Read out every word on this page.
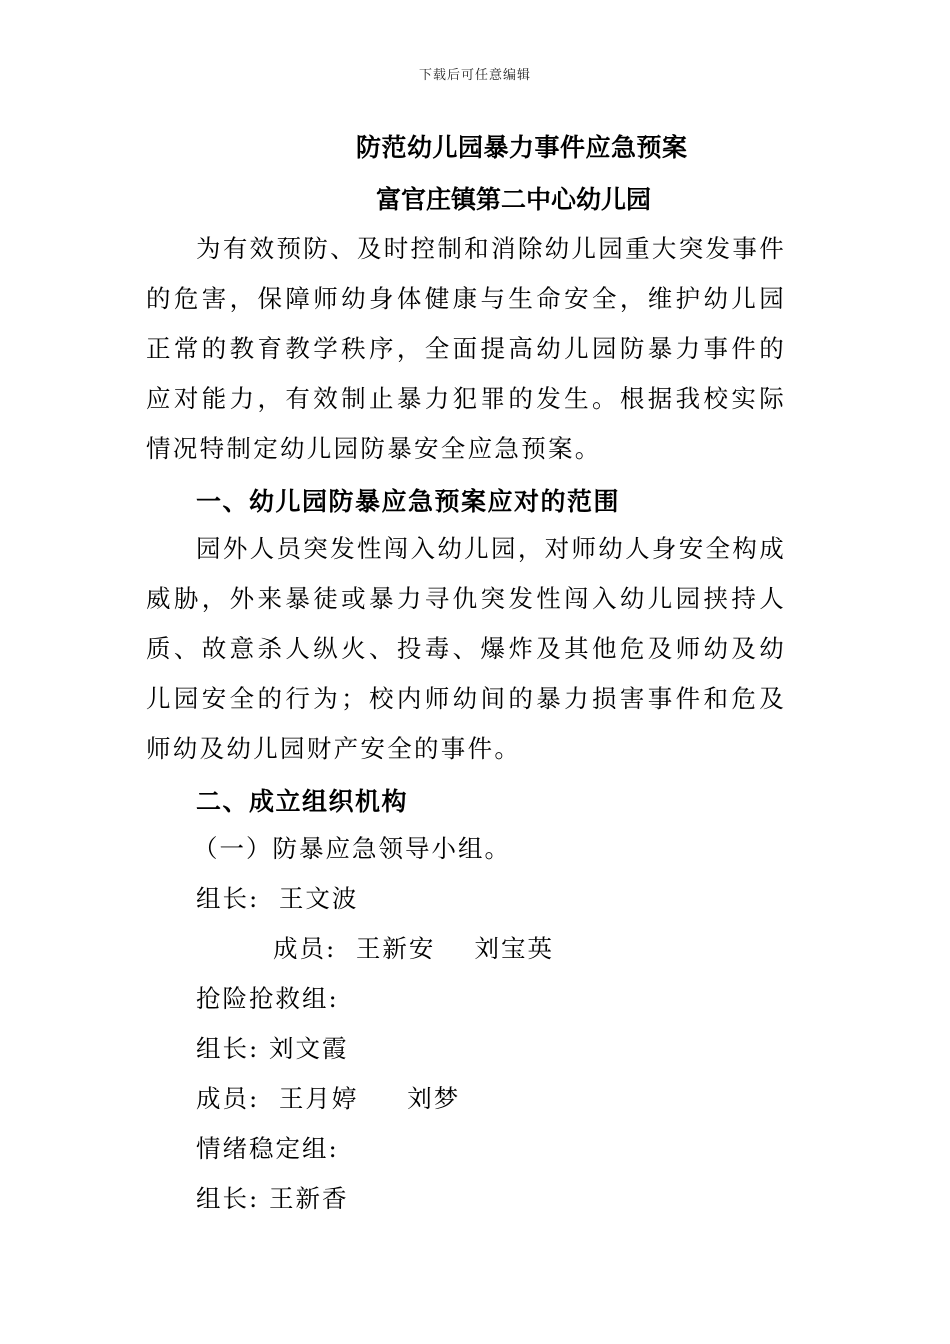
下载后可任意编辑
防范幼儿园暴力事件应急预案
富官庄镇第二中心幼儿园

为有效预防、及时控制和消除幼儿园重大突发事件的危害，保障师幼身体健康与生命安全，维护幼儿园正常的教育教学秩序，全面提高幼儿园防暴力事件的应对能力，有效制止暴力犯罪的发生。根据我校实际情况特制定幼儿园防暴安全应急预案。

一、幼儿园防暴应急预案应对的范围

园外人员突发性闯入幼儿园，对师幼人身安全构成威胁，外来暴徒或暴力寻仇突发性闯入幼儿园挟持人质、故意杀人纵火、投毒、爆炸及其他危及师幼及幼儿园安全的行为；校内师幼间的暴力损害事件和危及师幼及幼儿园财产安全的事件。

二、成立组织机构
（一）防暴应急领导小组。
组长:  王文波
成员:  王新安    刘宝英
抢险抢救组:
组长: 刘文霞
成员:  王月婷     刘梦
情绪稳定组:
组长: 王新香
